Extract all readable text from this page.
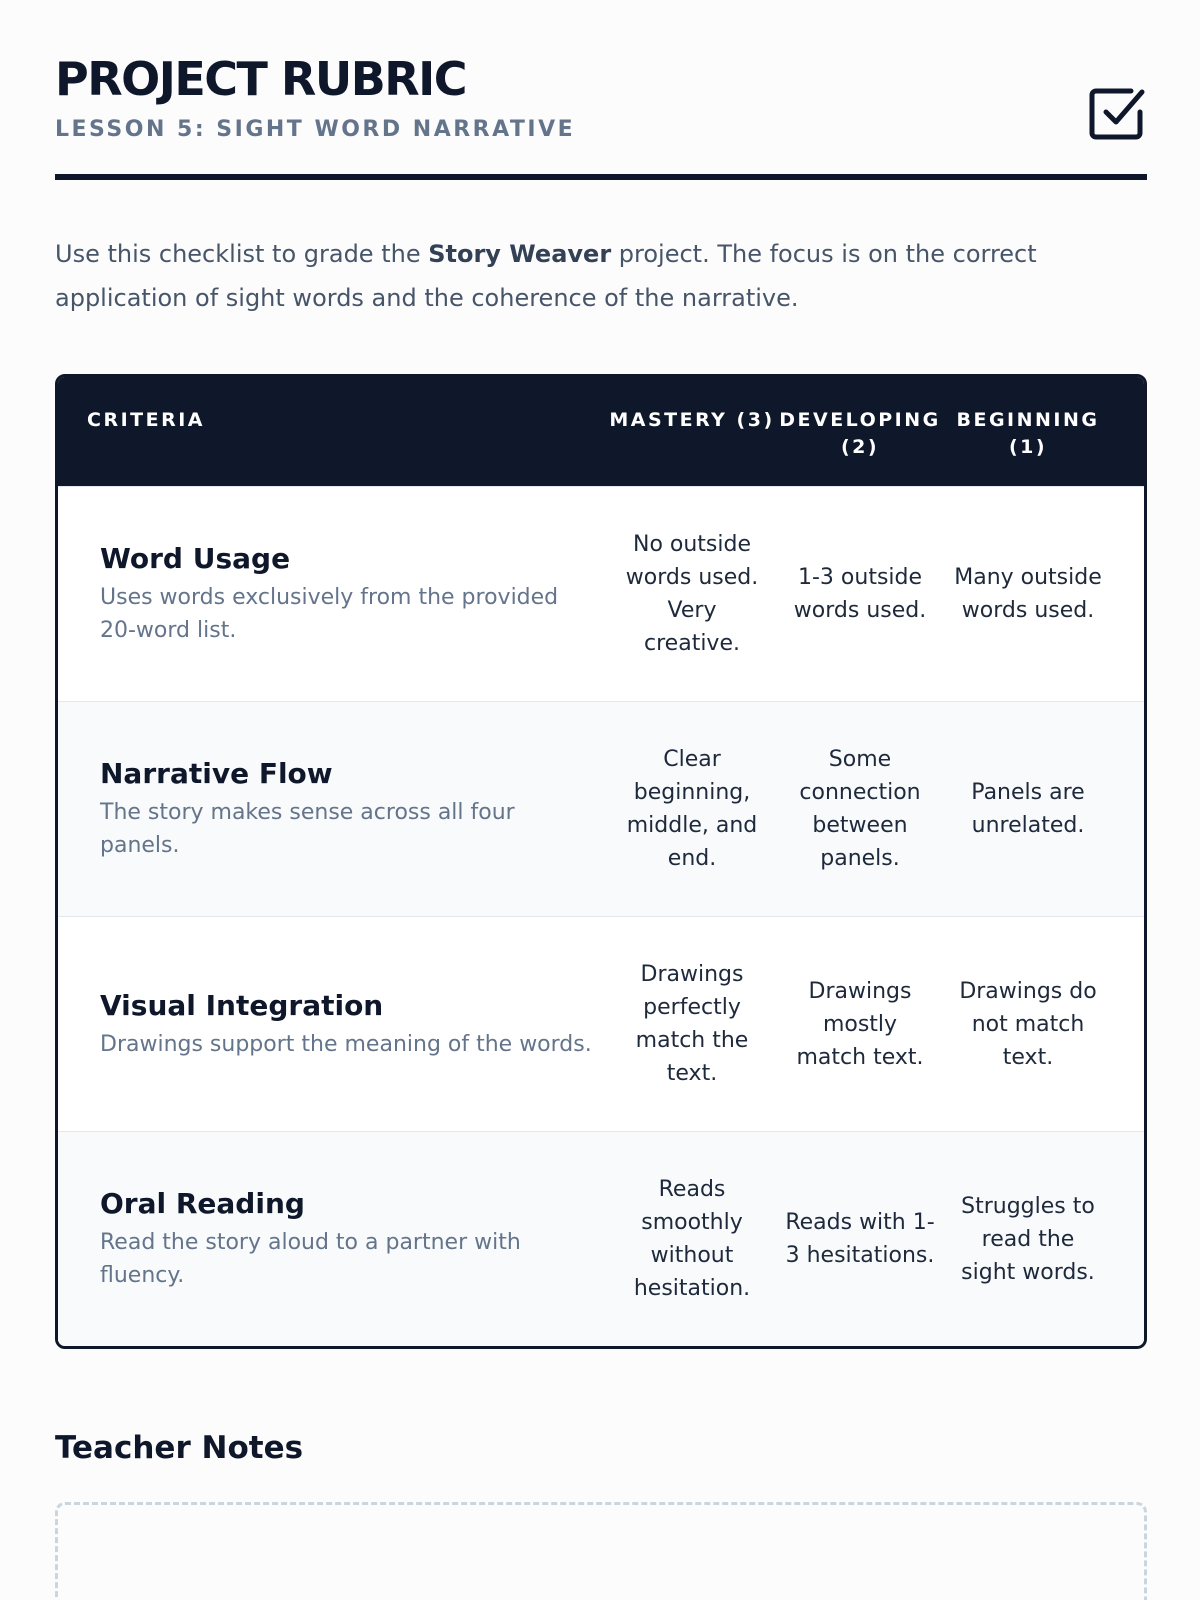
PROJECT RUBRIC
LESSON 5: SIGHT WORD NARRATIVE

Use this checklist to grade the Story Weaver project. The focus is on the correct application of sight words and the coherence of the narrative.

CRITERIA	MASTERY (3) DEVELOPING (2)
BEGINNING (1)
Word Usage
Uses words exclusively from the provided 20-word list.
No outside words used. Very creative.
1-3 outside words used.
Many outside words used.
Narrative Flow
The story makes sense across all four panels.
Clear beginning, middle, and end.
Some connection between panels.
Panels are unrelated.
Visual Integration
Drawings support the meaning of the words.
Drawings perfectly match the text.
Drawings mostly match text.
Drawings do not match text.
Oral Reading
Read the story aloud to a partner with fluency.
Reads smoothly without hesitation.
Reads with 1-3 hesitations.
Struggles to read the sight words.
Teacher Notes
